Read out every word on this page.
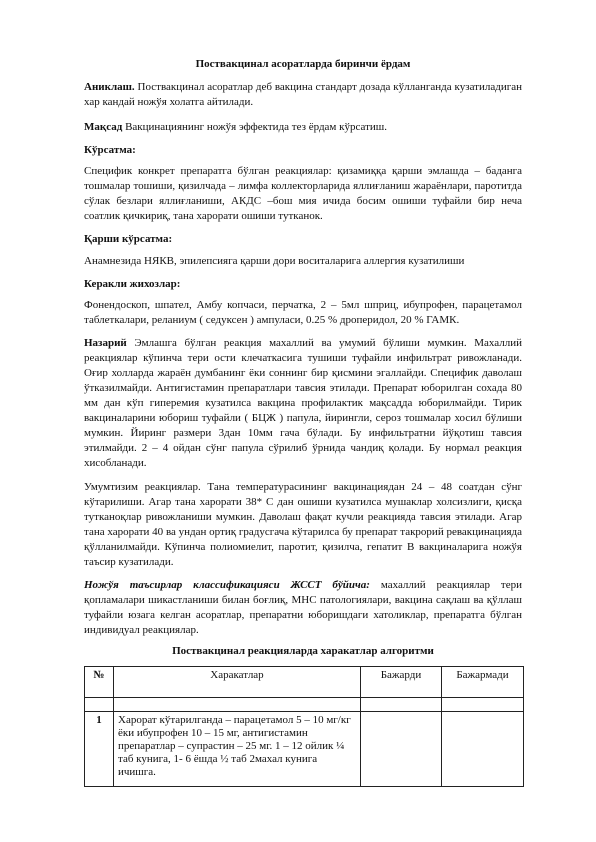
Поствакцинал асоратларда биринчи ёрдам

Аниклаш. Поствакцинал асоратлар деб вакцина стандарт дозада кўлланганда кузатиладиган хар кандай ножўя холатга айтилади.

Мақсад Вакцинациянинг ножўя эффектида тез ёрдам кўрсатиш.

Кўрсатма:

Специфик конкрет препаратга бўлган реакциялар: қизамиққа қарши эмлашда – баданга тошмалар тошиши, қизилчада – лимфа коллекторларида яллиғланиш жараёнлари, паротитда сўлак безлари яллиғланиши, АКДС –бош мия ичида босим ошиши туфайли бир неча соатлик қичкириқ, тана харорати ошиши тутканок.

Қарши кўрсатма:

Анамнезида НЯКВ, эпилепсияга қарши дори воситаларига аллергия кузатилиши

Керакли жихозлар:

Фонендоскоп, шпател, Амбу копчаси, перчатка, 2 – 5мл шприц, ибупрофен, парацетамол таблеткалари, реланиум ( седуксен ) ампуласи, 0.25 % дроперидол, 20 % ГАМК.

Назарий Эмлашга бўлган реакция махаллий ва умумий бўлиши мумкин. Махаллий реакциялар кўпинча тери ости клечаткасига тушиши туфайли инфильтрат ривожланади. Оғир холларда жараён думбанинг ёки соннинг бир қисмини эгаллайди. Специфик даволаш ўтказилмайди. Антигистамин препаратлари тавсия этилади. Препарат юборилган сохада 80 мм дан кўп гиперемия кузатилса вакцина профилактик мақсадда юборилмайди. Тирик вакциналарини юбориш туфайли ( БЦЖ ) папула, йирингли, сероз тошмалар хосил бўлиши мумкин. Йиринг размери 3дан 10мм гача бўлади. Бу инфильтратни йўқотиш тавсия этилмайди. 2 – 4 ойдан сўнг папула сўрилиб ўрнида чандиқ қолади. Бу нормал реакция хисобланади.

Умумтизим реакциялар. Тана температурасининг вакцинациядан 24 – 48 соатдан сўнг кўтарилиши. Агар тана харорати 38* С дан ошиши кузатилса мушаклар холсизлиги, қисқа тутканоқлар ривожланиши мумкин. Даволаш фақат кучли реакцияда тавсия этилади. Агар тана харорати 40 ва ундан ортиқ градусгача кўтарилса бу препарат такрорий ревакцинацияда қўлланилмайди. Кўпинча полиомиелит, паротит, қизилча, гепатит В вакциналарига ножўя таъсир кузатилади.

Ножўя таъсирлар классификацияси ЖССТ бўйича: махаллий реакциялар тери қопламалари шикастланиши билан боғлиқ, МНС патологиялари, вакцина сақлаш ва қўллаш туфайли юзага келган асоратлар, препаратни юборишдаги хатоликлар, препаратга бўлган индивидуал реакциялар.

Поствакцинал реакцияларда харакатлар алгоритми

№	Харакатлар	Бажарди	Бажармади

1	Харорат кўтарилганда – парацетамол 5 – 10 мг/кг ёки ибупрофен 10 – 15 мг, антигистамин препаратлар – супрастин – 25 мг. 1 – 12 ойлик ¼ таб кунига, 1- 6 ёшда ½ таб 2махал кунига ичишга.		
